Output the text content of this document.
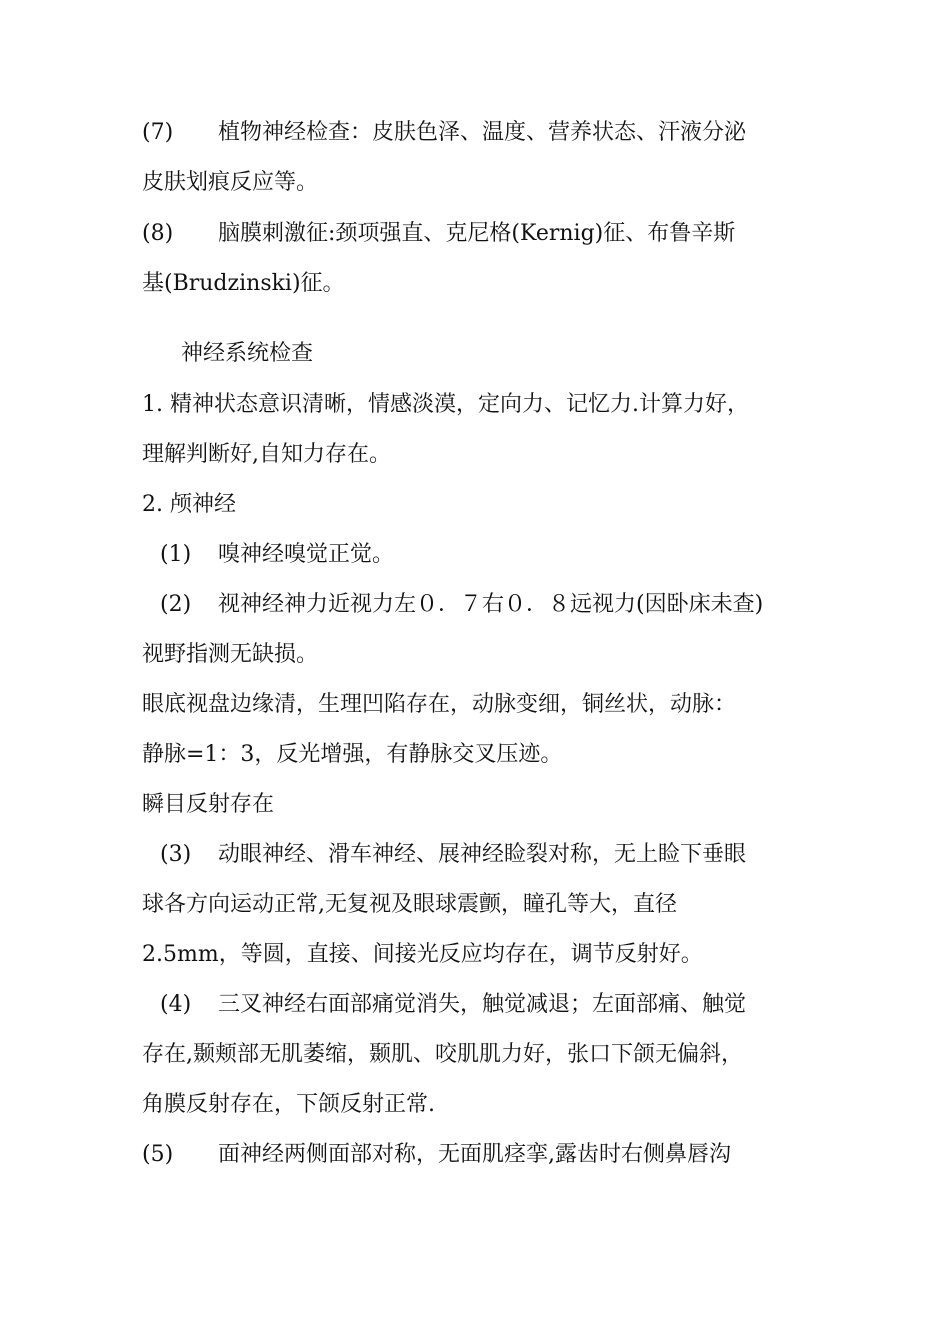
(7) 植物神经检查：皮肤色泽、温度、营养状态、汗液分泌
皮肤划痕反应等。
(8) 脑膜刺激征:颈项强直、克尼格(Kernig)征、布鲁辛斯
基(Brudzinski)征。
神经系统检查
1. 精神状态意识清晰，情感淡漠，定向力、记忆力.计算力好，
理解判断好,自知力存在。
2. 颅神经
(1) 嗅神经嗅觉正觉。
(2) 视神经神力近视力左０．７右０．８远视力(因卧床未查)
视野指测无缺损。
眼底视盘边缘清，生理凹陷存在，动脉变细，铜丝状，动脉：
静脉=1：3，反光增强，有静脉交叉压迹。
瞬目反射存在
(3) 动眼神经、滑车神经、展神经睑裂对称，无上睑下垂眼
球各方向运动正常,无复视及眼球震颤，瞳孔等大，直径
2.5mm，等圆，直接、间接光反应均存在，调节反射好。
(4) 三叉神经右面部痛觉消失，触觉减退；左面部痛、触觉
存在,颞颊部无肌萎缩，颞肌、咬肌肌力好，张口下颌无偏斜，
角膜反射存在，下颌反射正常.
(5) 面神经两侧面部对称，无面肌痉挛,露齿时右侧鼻唇沟
